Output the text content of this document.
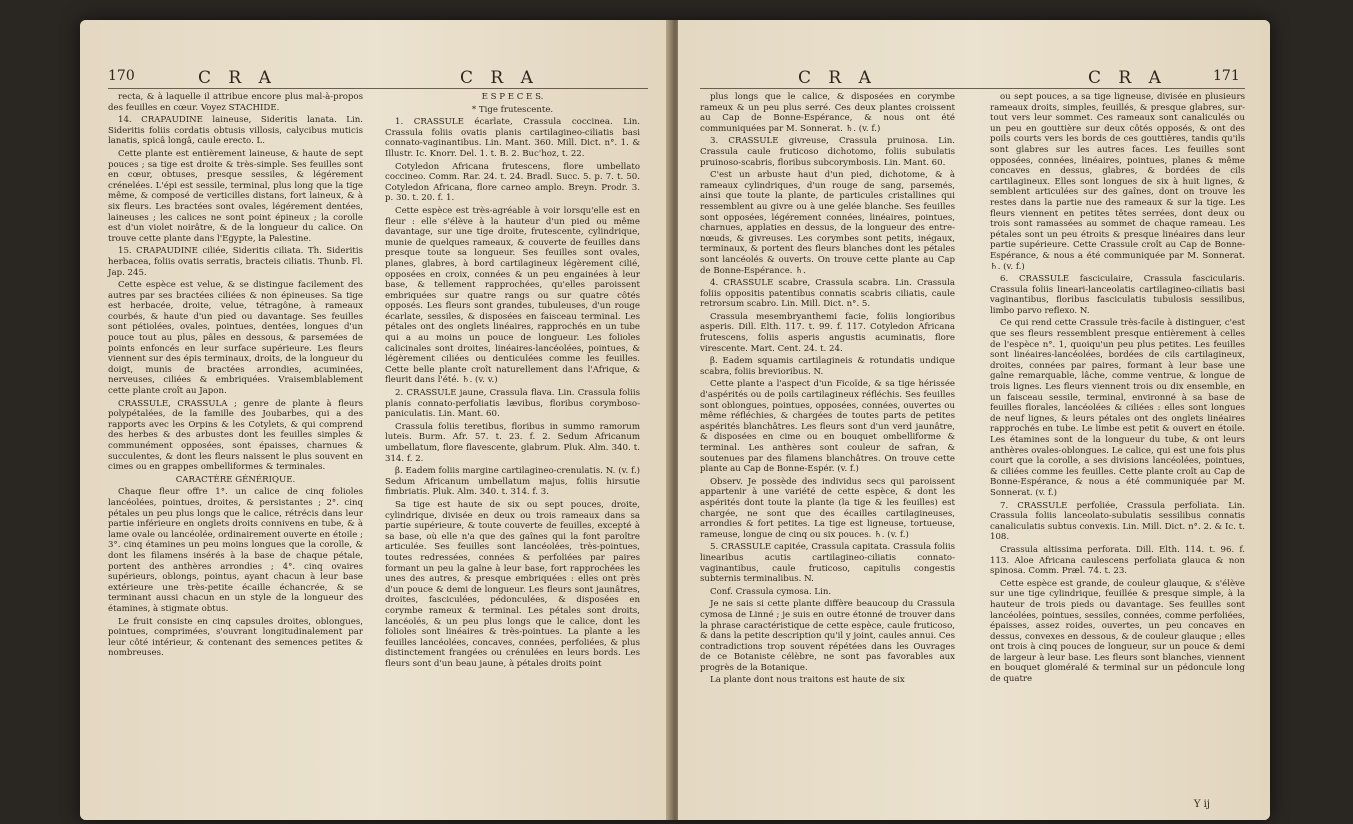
170	C R A	C R A

recta, & à laquelle il attribue encore plus mal-à-propos des feuilles en cœur. Voyez STACHIDE.

14. CRAPAUDINE laineuse, Sideritis lanata. Lin. Sideritis foliis cordatis obtusis villosis, calycibus muticis lanatis, spicâ longâ, caule erecto. L.

Cette plante est entièrement laineuse, & haute de sept pouces ; sa tige est droite & très-simple. Ses feuilles sont en cœur, obtuses, presque sessiles, & légérement crénelées. L'épi est sessile, terminal, plus long que la tige même, & composé de verticilles distans, fort laineux, & à six fleurs. Les bractées sont ovales, légérement dentées, laineuses ; les calices ne sont point épineux ; la corolle est d'un violet noirâtre, & de la longueur du calice. On trouve cette plante dans l'Egypte, la Palestine.

15. CRAPAUDINE ciliée, Sideritis ciliata. Th. Sideritis herbacea, foliis ovatis serratis, bracteis ciliatis. Thunb. Fl. Jap. 245.

Cette espèce est velue, & se distingue facilement des autres par ses bractées ciliées & non épineuses. Sa tige est herbacée, droite, velue, tétragône, à rameaux courbés, & haute d'un pied ou davantage. Ses feuilles sont pétiolées, ovales, pointues, dentées, longues d'un pouce tout au plus, pâles en dessous, & parsemées de points enfoncés en leur surface supérieure. Les fleurs viennent sur des épis terminaux, droits, de la longueur du doigt, munis de bractées arrondies, acuminées, nerveuses, ciliées & embriquées. Vraisemblablement cette plante croît au Japon.

CRASSULE, CRASSULA ; genre de plante à fleurs polypétalées, de la famille des Joubarbes, qui a des rapports avec les Orpins & les Cotylets, & qui comprend des herbes & des arbustes dont les feuilles simples & communément opposées, sont épaisses, charnues & succulentes, & dont les fleurs naissent le plus souvent en cimes ou en grappes ombelliformes & terminales.

CARACTÈRE GÉNÉRIQUE.

Chaque fleur offre 1°. un calice de cinq folioles lancéolées, pointues, droites, & persistantes ; 2°. cinq pétales un peu plus longs que le calice, rétrécis dans leur partie inférieure en onglets droits connivens en tube, & à lame ovale ou lancéolée, ordinairement ouverte en étoile ; 3°. cinq étamines un peu moins longues que la corolle, & dont les filamens insérés à la base de chaque pétale, portent des anthères arrondies ; 4°. cinq ovaires supérieurs, oblongs, pointus, ayant chacun à leur base extérieure une très-petite écaille échancrée, & se terminant aussi chacun en un style de la longueur des étamines, à stigmate obtus.

Le fruit consiste en cinq capsules droites, oblongues, pointues, comprimées, s'ouvrant longitudinalement par leur côté intérieur, & contenant des semences petites & nombreuses.

E S P E C E S.

* Tige frutescente.

1. CRASSULE écarlate, Crassula coccinea. Lin. Crassula foliis ovatis planis cartilagineo-ciliatis basi connato-vaginantibus. Lin. Mant. 360. Mill. Dict. n°. 1. & Illustr. Ic. Knorr. Del. 1. t. B. 2. Buc'hoz, t. 22.

Cotyledon Africana frutescens, flore umbellato coccineo. Comm. Rar. 24. t. 24. Bradl. Succ. 5. p. 7. t. 50. Cotyledon Africana, flore carneo amplo. Breyn. Prodr. 3. p. 30. t. 20. f. 1.

Cette espèce est très-agréable à voir lorsqu'elle est en fleur : elle s'élève à la hauteur d'un pied ou même davantage, sur une tige droite, frutescente, cylindrique, munie de quelques rameaux, & couverte de feuilles dans presque toute sa longueur. Ses feuilles sont ovales, planes, glabres, à bord cartilagineux légèrement cilié, opposées en croix, connées & un peu engainées à leur base, & tellement rapprochées, qu'elles paroissent embriquées sur quatre rangs ou sur quatre côtés opposés. Les fleurs sont grandes, tubuleuses, d'un rouge écarlate, sessiles, & disposées en faisceau terminal. Les pétales ont des onglets linéaires, rapprochés en un tube qui a au moins un pouce de longueur. Les folioles calicinales sont droites, linéaires-lancéolées, pointues, & légèrement ciliées ou denticulées comme les feuilles. Cette belle plante croît naturellement dans l'Afrique, & fleurit dans l'été. ♄. (v. v.)

2. CRASSULE jaune, Crassula flava. Lin. Crassula foliis planis connato-perfoliatis lævibus, floribus corymboso-paniculatis. Lin. Mant. 60.

Crassula foliis teretibus, floribus in summo ramorum luteis. Burm. Afr. 57. t. 23. f. 2. Sedum Africanum umbellatum, flore flavescente, glabrum. Pluk. Alm. 340. t. 314. f. 2.

β. Eadem foliis margine cartilagineo-crenulatis. N. (v. f.) Sedum Africanum umbellatum majus, foliis hirsutie fimbriatis. Pluk. Alm. 340. t. 314. f. 3.

Sa tige est haute de six ou sept pouces, droite, cylindrique, divisée en deux ou trois rameaux dans sa partie supérieure, & toute couverte de feuilles, excepté à sa base, où elle n'a que des gaînes qui la font paroître articulée. Ses feuilles sont lancéolées, très-pointues, toutes redressées, connées & perfoliées par paires formant un peu la gaîne à leur base, fort rapprochées les unes des autres, & presque embriquées : elles ont près d'un pouce & demi de longueur. Les fleurs sont jaunâtres, droites, fasciculées, pédonculées, & disposées en corymbe rameux & terminal. Les pétales sont droits, lancéolés, & un peu plus longs que le calice, dont les folioles sont linéaires & très-pointues. La plante a les feuilles lancéolées, concaves, connées, perfoliées, & plus distinctement frangées ou crénulées en leurs bords. Les fleurs sont d'un beau jaune, à pétales droits point

C R A	C R A	171

plus longs que le calice, & disposées en corymbe rameux & un peu plus serré. Ces deux plantes croissent au Cap de Bonne-Espérance, & nous ont été communiquées par M. Sonnerat. ♄. (v. f.)

3. CRASSULE givreuse, Crassula pruinosa. Lin. Crassula caule fruticoso dichotomo, foliis subulatis pruinoso-scabris, floribus subcorymbosis. Lin. Mant. 60.

C'est un arbuste haut d'un pied, dichotome, & à rameaux cylindriques, d'un rouge de sang, parsemés, ainsi que toute la plante, de particules cristallines qui ressemblent au givre ou à une gelée blanche. Ses feuilles sont opposées, légérement connées, linéaires, pointues, charnues, applaties en dessus, de la longueur des entre-nœuds, & givreuses. Les corymbes sont petits, inégaux, terminaux, & portent des fleurs blanches dont les pétales sont lancéolés & ouverts. On trouve cette plante au Cap de Bonne-Espérance. ♄.

4. CRASSULE scabre, Crassula scabra. Lin. Crassula foliis oppositis patentibus connatis scabris ciliatis, caule retrorsum scabro. Lin. Mill. Dict. n°. 5.

Crassula mesembryanthemi facie, foliis longioribus asperis. Dill. Elth. 117. t. 99. f. 117. Cotyledon Africana frutescens, foliis asperis angustis acuminatis, flore virescente. Mart. Cent. 24. t. 24.

β. Eadem squamis cartilagineis & rotundatis undique scabra, foliis brevioribus. N.

Cette plante a l'aspect d'un Ficoïde, & sa tige hérissée d'aspérités ou de poils cartilagineux réfléchis. Ses feuilles sont oblongues, pointues, opposées, connées, ouvertes ou même réfléchies, & chargées de toutes parts de petites aspérités blanchâtres. Les fleurs sont d'un verd jaunâtre, & disposées en cime ou en bouquet ombelliforme & terminal. Les anthères sont couleur de safran, & soutenues par des filamens blanchâtres. On trouve cette plante au Cap de Bonne-Espér. (v. f.)

Observ. Je possède des individus secs qui paroissent appartenir à une variété de cette espèce, & dont les aspérités dont toute la plante (la tige & les feuilles) est chargée, ne sont que des écailles cartilagineuses, arrondies & fort petites. La tige est ligneuse, tortueuse, rameuse, longue de cinq ou six pouces. ♄. (v. f.)

5. CRASSULE capitée, Crassula capitata. Crassula foliis linearibus acutis cartilagineo-ciliatis connato-vaginantibus, caule fruticoso, capitulis congestis subternis terminalibus. N.

Conf. Crassula cymosa. Lin.

Je ne sais si cette plante diffère beaucoup du Crassula cymosa de Linné ; je suis en outre étonné de trouver dans la phrase caractéristique de cette espèce, caule fruticoso, & dans la petite description qu'il y joint, caules annui. Ces contradictions trop souvent répétées dans les Ouvrages de ce Botaniste célèbre, ne sont pas favorables aux progrès de la Botanique.

La plante dont nous traitons est haute de six

ou sept pouces, a sa tige ligneuse, divisée en plusieurs rameaux droits, simples, feuillés, & presque glabres, sur-tout vers leur sommet. Ces rameaux sont canaliculés ou un peu en gouttière sur deux côtés opposés, & ont des poils courts vers les bords de ces gouttières, tandis qu'ils sont glabres sur les autres faces. Les feuilles sont opposées, connées, linéaires, pointues, planes & même concaves en dessus, glabres, & bordées de cils cartilagineux. Elles sont longues de six à huit lignes, & semblent articulées sur des gaînes, dont on trouve les restes dans la partie nue des rameaux & sur la tige. Les fleurs viennent en petites têtes serrées, dont deux ou trois sont ramassées au sommet de chaque rameau. Les pétales sont un peu étroits & presque linéaires dans leur partie supérieure. Cette Crassule croît au Cap de Bonne-Espérance, & nous a été communiquée par M. Sonnerat. ♄. (v. f.)

6. CRASSULE fasciculaire, Crassula fascicularis. Crassula foliis lineari-lanceolatis cartilagineo-ciliatis basi vaginantibus, floribus fasciculatis tubulosis sessilibus, limbo parvo reflexo. N.

Ce qui rend cette Crassule très-facile à distinguer, c'est que ses fleurs ressemblent presque entièrement à celles de l'espèce n°. 1, quoiqu'un peu plus petites. Les feuilles sont linéaires-lancéolées, bordées de cils cartilagineux, droites, connées par paires, formant à leur base une gaîne remarquable, lâche, comme ventrue, & longue de trois lignes. Les fleurs viennent trois ou dix ensemble, en un faisceau sessile, terminal, environné à sa base de feuilles florales, lancéolées & ciliées : elles sont longues de neuf lignes, & leurs pétales ont des onglets linéaires rapprochés en tube. Le limbe est petit & ouvert en étoile. Les étamines sont de la longueur du tube, & ont leurs anthères ovales-oblongues. Le calice, qui est une fois plus court que la corolle, a ses divisions lancéolées, pointues, & ciliées comme les feuilles. Cette plante croît au Cap de Bonne-Espérance, & nous a été communiquée par M. Sonnerat. (v. f.)

7. CRASSULE perfoliée, Crassula perfoliata. Lin. Crassula foliis lanceolato-subulatis sessilibus connatis canaliculatis subtus convexis. Lin. Mill. Dict. n°. 2. & Ic. t. 108.

Crassula altissima perforata. Dill. Elth. 114. t. 96. f. 113. Aloe Africana caulescens perfoliata glauca & non spinosa. Comm. Præl. 74. t. 23.

Cette espèce est grande, de couleur glauque, & s'élève sur une tige cylindrique, feuillée & presque simple, à la hauteur de trois pieds ou davantage. Ses feuilles sont lancéolées, pointues, sessiles, connées, comme perfoliées, épaisses, assez roides, ouvertes, un peu concaves en dessus, convexes en dessous, & de couleur glauque ; elles ont trois à cinq pouces de longueur, sur un pouce & demi de largeur à leur base. Les fleurs sont blanches, viennent en bouquet gloméralé & terminal sur un pédoncule long de quatre

Y ij
